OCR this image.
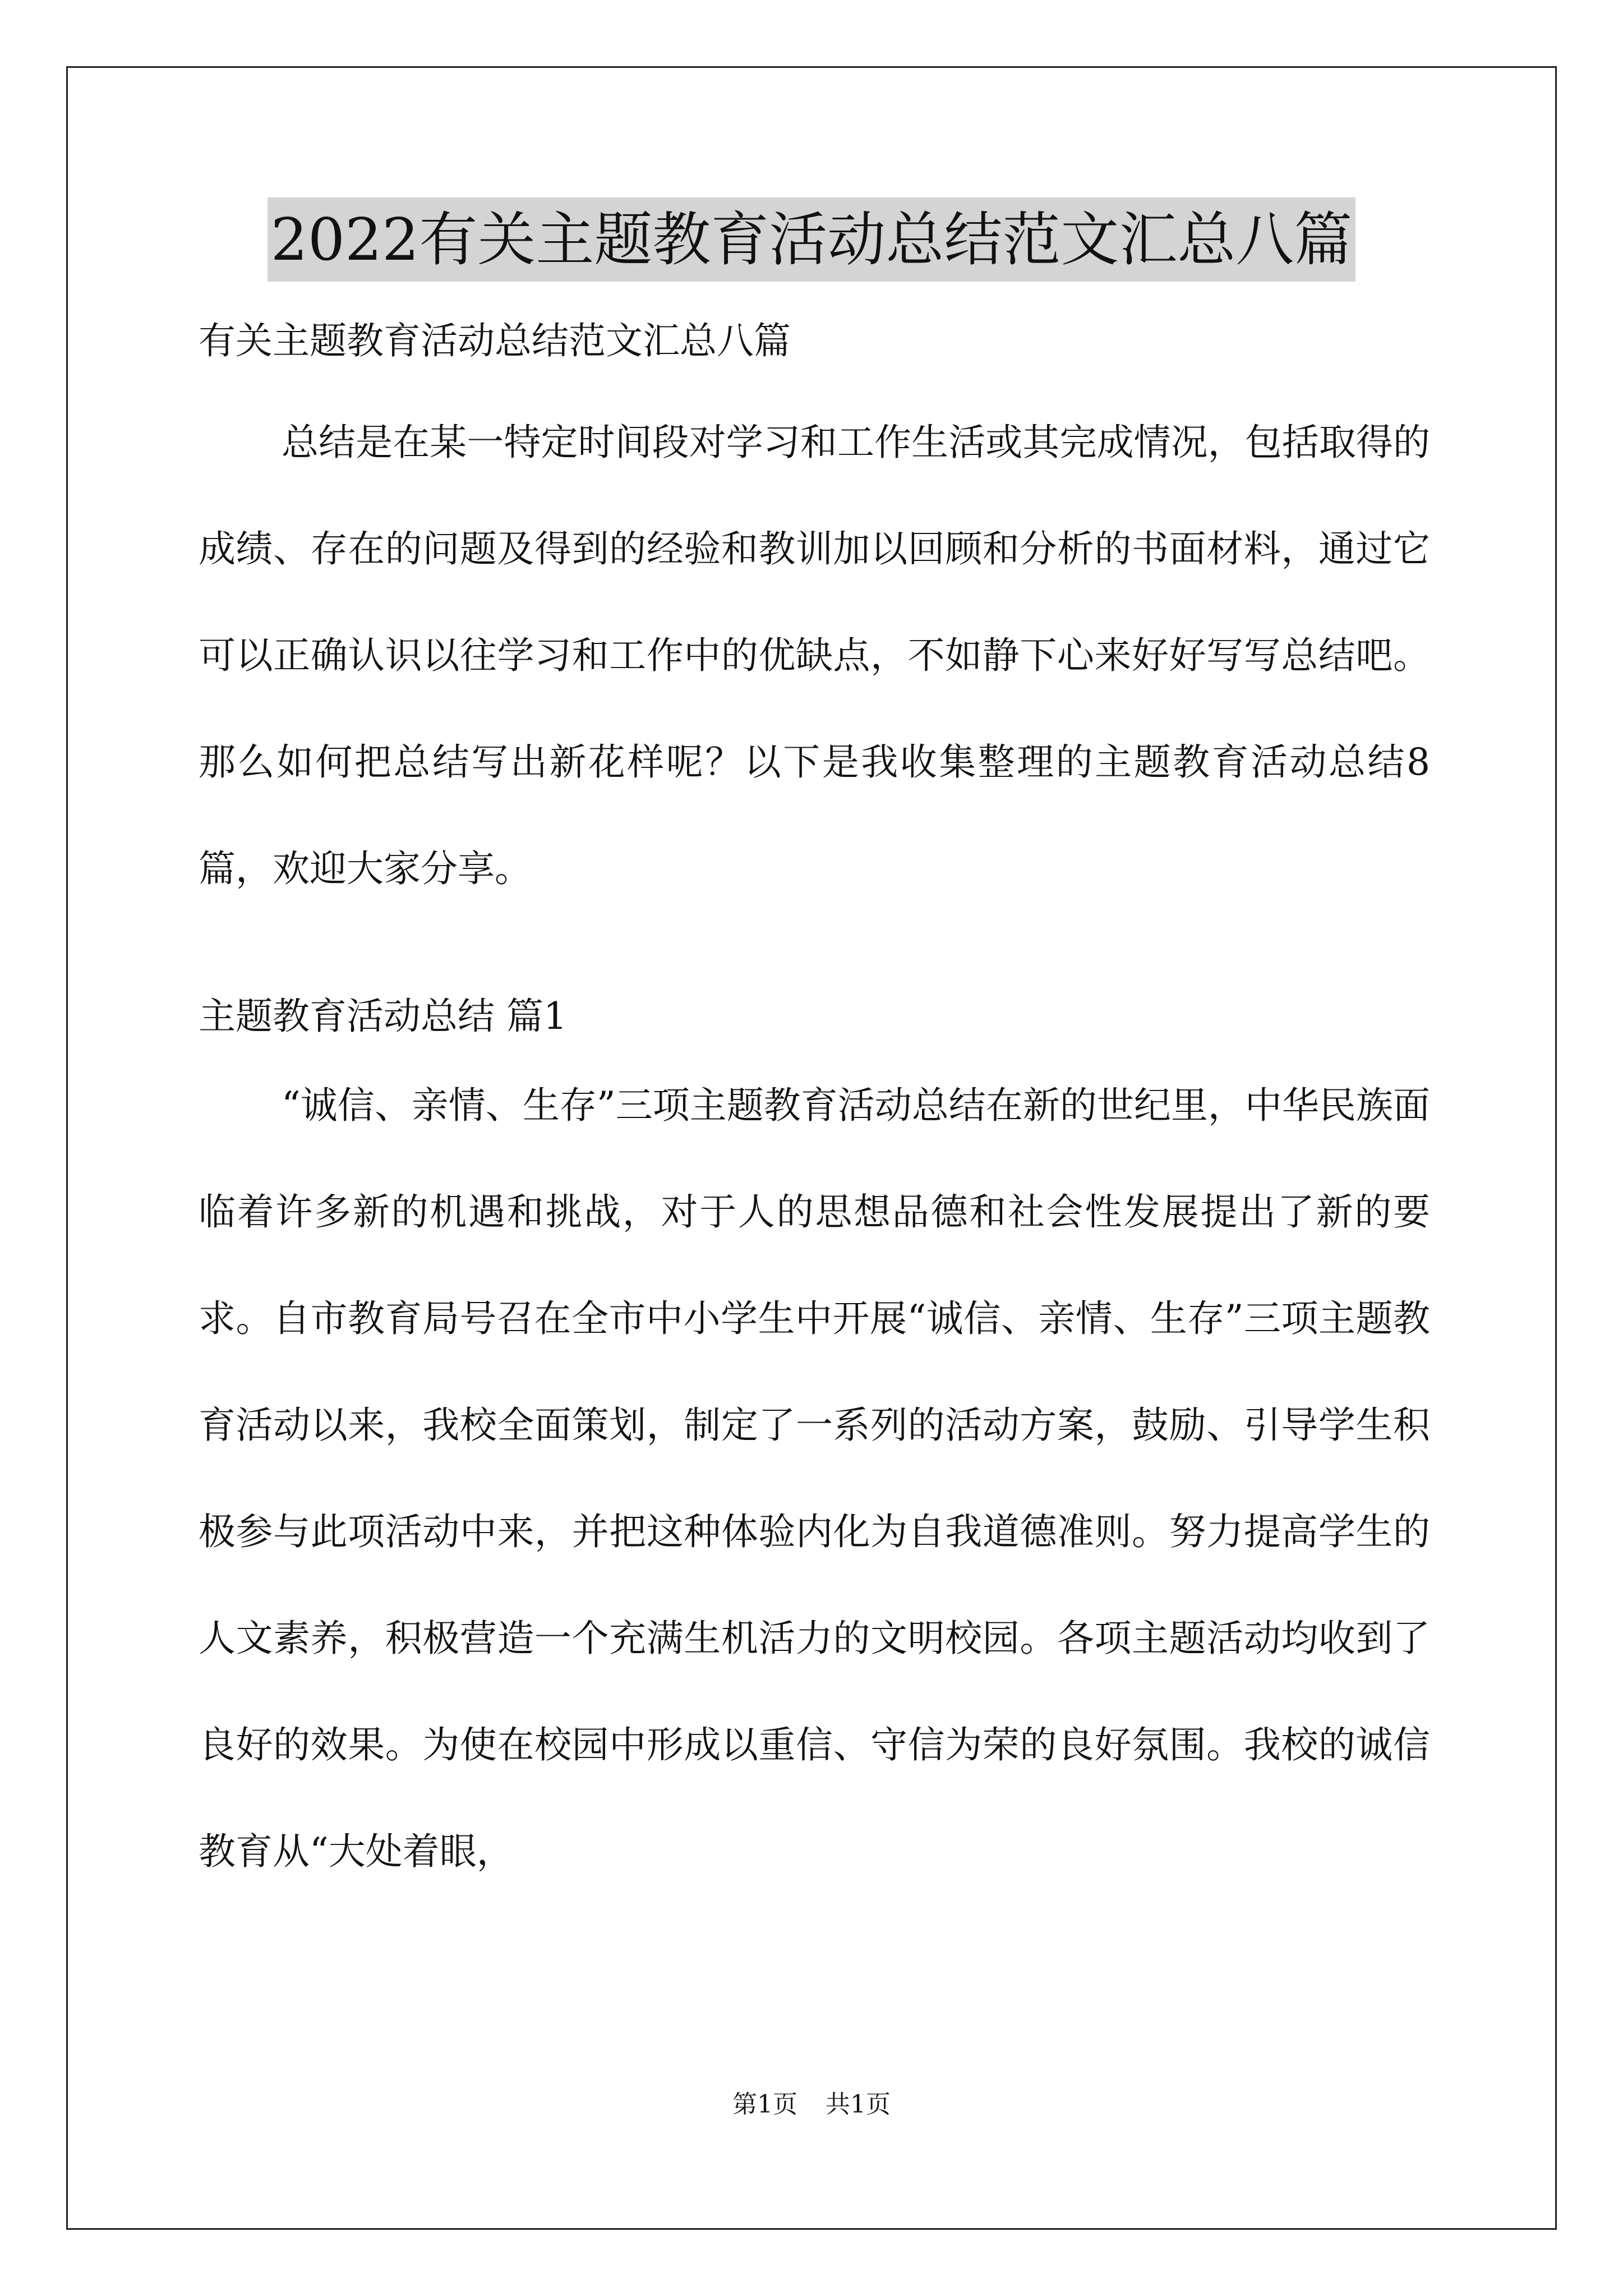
2022有关主题教育活动总结范文汇总八篇
有关主题教育活动总结范文汇总八篇

总结是在某一特定时间段对学习和工作生活或其完成情况，包括取得的成绩、存在的问题及得到的经验和教训加以回顾和分析的书面材料，通过它可以正确认识以往学习和工作中的优缺点，不如静下心来好好写写总结吧。那么如何把总结写出新花样呢？以下是我收集整理的主题教育活动总结8篇，欢迎大家分享。

主题教育活动总结 篇1

“诚信、亲情、生存”三项主题教育活动总结在新的世纪里，中华民族面临着许多新的机遇和挑战，对于人的思想品德和社会性发展提出了新的要求。自市教育局号召在全市中小学生中开展“诚信、亲情、生存”三项主题教育活动以来，我校全面策划，制定了一系列的活动方案，鼓励、引导学生积极参与此项活动中来，并把这种体验内化为自我道德准则。努力提高学生的人文素养，积极营造一个充满生机活力的文明校园。各项主题活动均收到了良好的效果。为使在校园中形成以重信、守信为荣的良好氛围。我校的诚信教育从“大处着眼，

第1页 共1页
